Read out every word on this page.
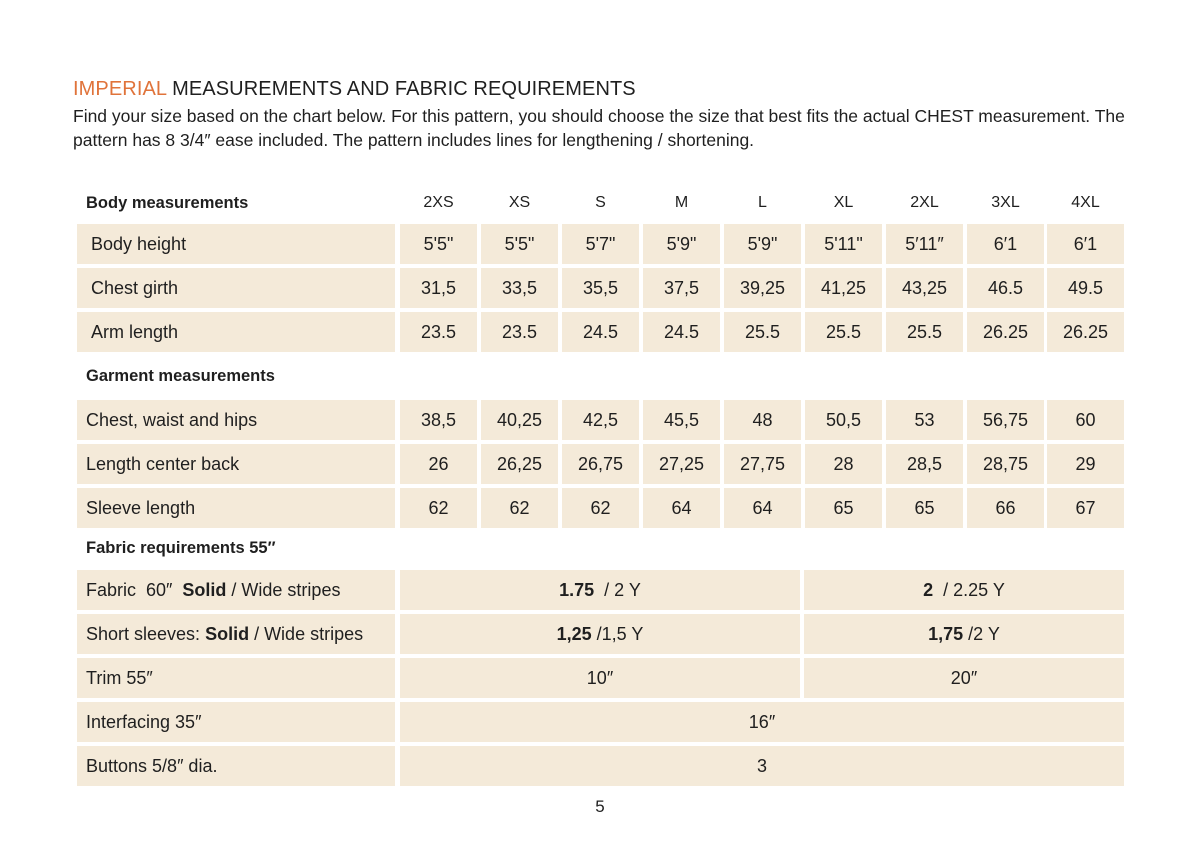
IMPERIAL MEASUREMENTS AND FABRIC REQUIREMENTS
Find your size based on the chart below. For this pattern, you should choose the size that best fits the actual CHEST measurement. The pattern has 8 3/4″ ease included. The pattern includes lines for lengthening / shortening.
Body measurements	2XS	XS	S	M	L	XL	2XL	3XL	4XL
Body height	5'5"	5'5"	5'7"	5'9"	5'9"	5'11"	5′11″	6′1	6′1
Chest girth	31,5	33,5	35,5	37,5	39,25	41,25	43,25	46.5	49.5
Arm length	23.5	23.5	24.5	24.5	25.5	25.5	25.5	26.25	26.25
Garment measurements
Chest, waist and hips	38,5	40,25	42,5	45,5	48	50,5	53	56,75	60
Length center back	26	26,25	26,75	27,25	27,75	28	28,5	28,75	29
Sleeve length	62	62	62	64	64	65	65	66	67
Fabric requirements 55″
Fabric  60″ Solid / Wide stripes	1.75 / 2 Y	2 / 2.25 Y
Short sleeves: Solid / Wide stripes	1,25 /1,5 Y	1,75 /2 Y
Trim 55″	10″	20″
Interfacing 35″	16″
Buttons 5/8″ dia.	3
5
